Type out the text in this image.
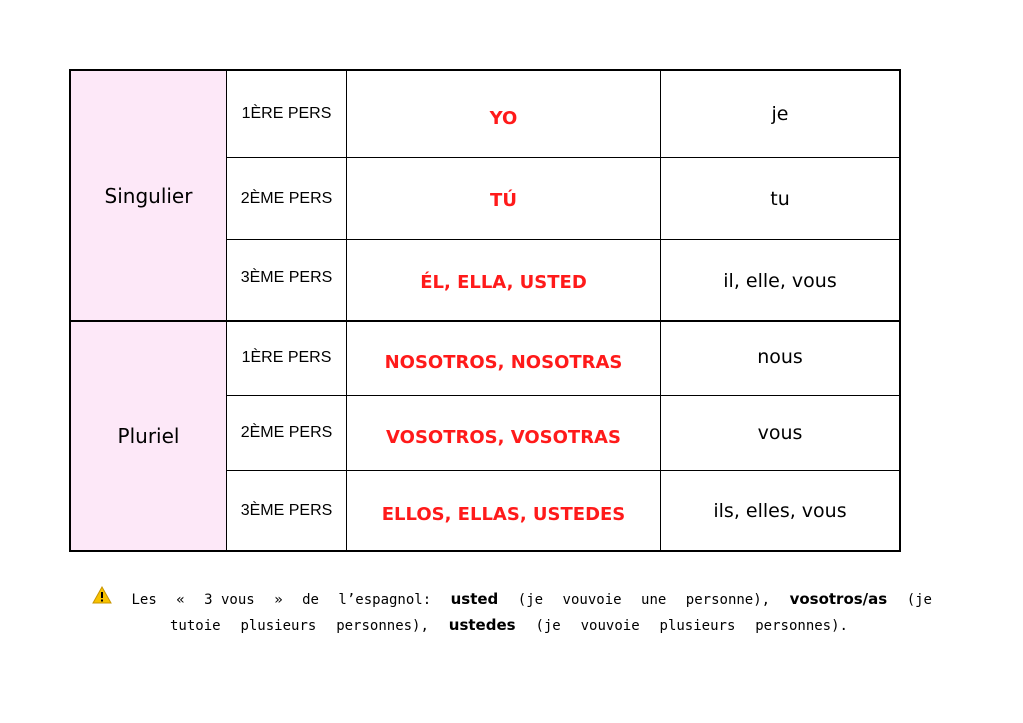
Singulier
1ÈRE PERS	YO	je
2ÈME PERS	TÚ	tu
3ÈME PERS	ÉL, ELLA, USTED	il, elle, vous
Pluriel
1ÈRE PERS	NOSOTROS, NOSOTRAS	nous
2ÈME PERS	VOSOTROS, VOSOTRAS	vous
3ÈME PERS	ELLOS, ELLAS, USTEDES	ils, elles, vous
Les « 3 vous » de l’espagnol: usted (je vouvoie une personne), vosotros/as (je
tutoie plusieurs personnes), ustedes (je vouvoie plusieurs personnes).
